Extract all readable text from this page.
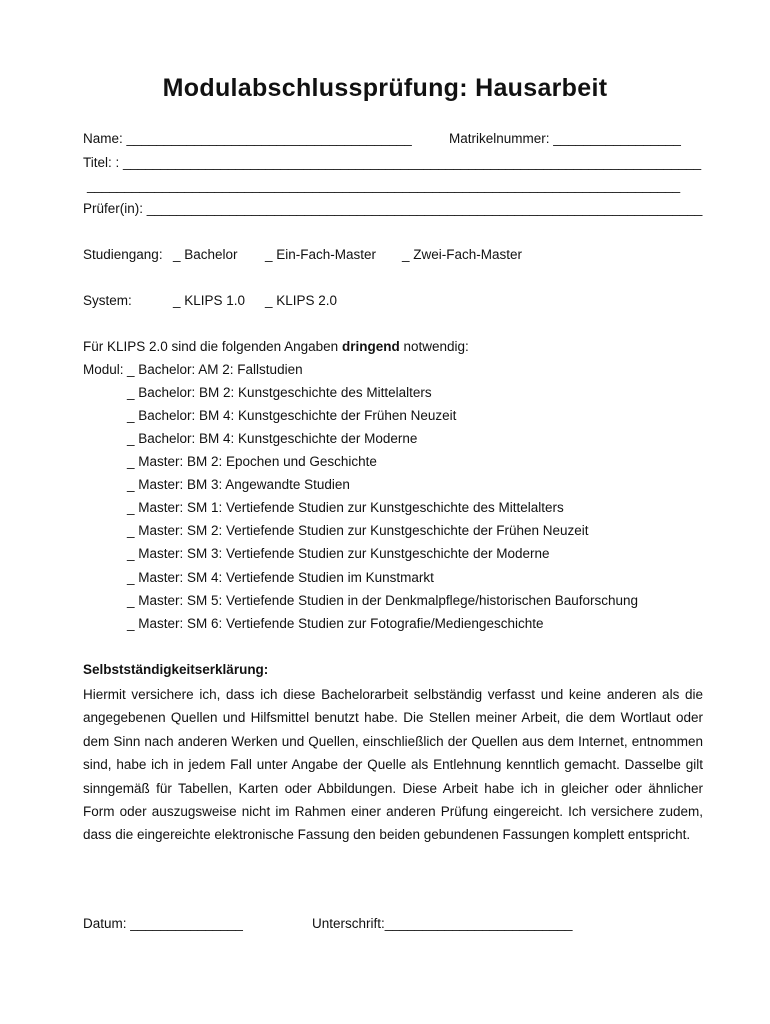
Modulabschlussprüfung: Hausarbeit
Name: ______________________________________	Matrikelnummer: _________________
Titel: : _____________________________________________________________________________
_______________________________________________________________________________
Prüfer(in): __________________________________________________________________________
Studiengang: _ Bachelor _ Ein-Fach-Master _ Zwei-Fach-Master
System:	_ KLIPS 1.0 _ KLIPS 2.0
Für KLIPS 2.0 sind die folgenden Angaben dringend notwendig:
Modul: _ Bachelor: AM 2: Fallstudien
_ Bachelor: BM 2: Kunstgeschichte des Mittelalters
_ Bachelor: BM 4: Kunstgeschichte der Frühen Neuzeit
_ Bachelor: BM 4: Kunstgeschichte der Moderne
_ Master: BM 2: Epochen und Geschichte
_ Master: BM 3: Angewandte Studien
_ Master: SM 1: Vertiefende Studien zur Kunstgeschichte des Mittelalters
_ Master: SM 2: Vertiefende Studien zur Kunstgeschichte der Frühen Neuzeit
_ Master: SM 3: Vertiefende Studien zur Kunstgeschichte der Moderne
_ Master: SM 4: Vertiefende Studien im Kunstmarkt
_ Master: SM 5: Vertiefende Studien in der Denkmalpflege/historischen Bauforschung
_ Master: SM 6: Vertiefende Studien zur Fotografie/Mediengeschichte
Selbstständigkeitserklärung:

Hiermit versichere ich, dass ich diese Bachelorarbeit selbständig verfasst und keine anderen als die angegebenen Quellen und Hilfsmittel benutzt habe. Die Stellen meiner Arbeit, die dem Wortlaut oder dem Sinn nach anderen Werken und Quellen, einschließlich der Quellen aus dem Internet, entnommen sind, habe ich in jedem Fall unter Angabe der Quelle als Entlehnung kenntlich gemacht. Dasselbe gilt sinngemäß für Tabellen, Karten oder Abbildungen. Diese Arbeit habe ich in gleicher oder ähnlicher Form oder auszugsweise nicht im Rahmen einer anderen Prüfung eingereicht. Ich versichere zudem, dass die eingereichte elektronische Fassung den beiden gebundenen Fassungen komplett entspricht.

Datum: _______________	Unterschrift:_________________________
